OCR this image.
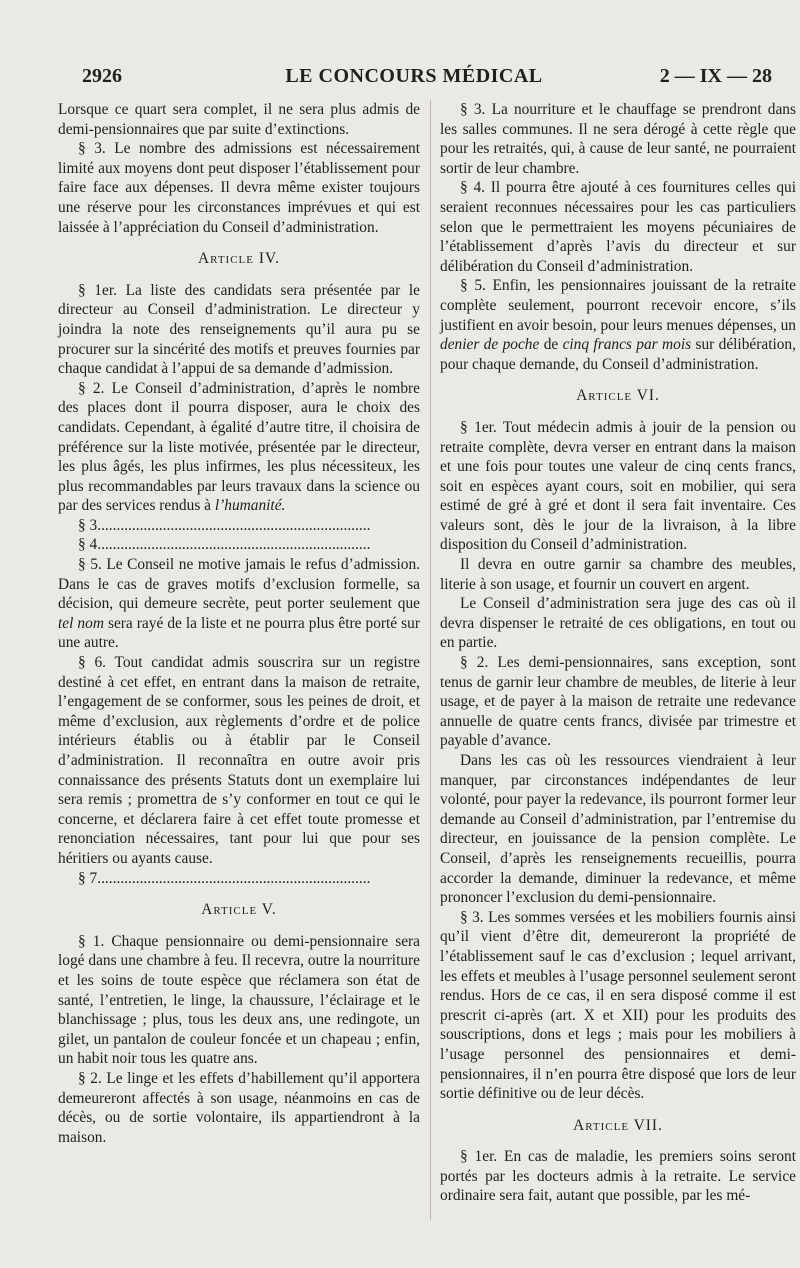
2926	LE CONCOURS MÉDICAL	2 — IX — 28

Lorsque ce quart sera complet, il ne sera plus admis de demi-pensionnaires que par suite d’extinctions.

§ 3. Le nombre des admissions est nécessairement limité aux moyens dont peut disposer l’établissement pour faire face aux dépenses. Il devra même exister toujours une réserve pour les circonstances imprévues et qui est laissée à l’appréciation du Conseil d’administration.

Article IV.

§ 1er. La liste des candidats sera présentée par le directeur au Conseil d’administration. Le directeur y joindra la note des renseignements qu’il aura pu se procurer sur la sincérité des motifs et preuves fournies par chaque candidat à l’appui de sa demande d’admission.

§ 2. Le Conseil d’administration, d’après le nombre des places dont il pourra disposer, aura le choix des candidats. Cependant, à égalité d’autre titre, il choisira de préférence sur la liste motivée, présentée par le directeur, les plus âgés, les plus infirmes, les plus nécessiteux, les plus recommandables par leurs travaux dans la science ou par des services rendus à l’humanité.

§ 3.......................................................................

§ 4.......................................................................

§ 5. Le Conseil ne motive jamais le refus d’admission. Dans le cas de graves motifs d’exclusion formelle, sa décision, qui demeure secrète, peut porter seulement que tel nom sera rayé de la liste et ne pourra plus être porté sur une autre.

§ 6. Tout candidat admis souscrira sur un registre destiné à cet effet, en entrant dans la maison de retraite, l’engagement de se conformer, sous les peines de droit, et même d’exclusion, aux règlements d’ordre et de police intérieurs établis ou à établir par le Conseil d’administration. Il reconnaîtra en outre avoir pris connaissance des présents Statuts dont un exemplaire lui sera remis ; promettra de s’y conformer en tout ce qui le concerne, et déclarera faire à cet effet toute promesse et renonciation nécessaires, tant pour lui que pour ses héritiers ou ayants cause.

§ 7.......................................................................

Article V.

§ 1. Chaque pensionnaire ou demi-pensionnaire sera logé dans une chambre à feu. Il recevra, outre la nourriture et les soins de toute espèce que réclamera son état de santé, l’entretien, le linge, la chaussure, l’éclairage et le blanchissage ; plus, tous les deux ans, une redingote, un gilet, un pantalon de couleur foncée et un chapeau ; enfin, un habit noir tous les quatre ans.

§ 2. Le linge et les effets d’habillement qu’il apportera demeureront affectés à son usage, néanmoins en cas de décès, ou de sortie volontaire, ils appartiendront à la maison.

§ 3. La nourriture et le chauffage se prendront dans les salles communes. Il ne sera dérogé à cette règle que pour les retraités, qui, à cause de leur santé, ne pourraient sortir de leur chambre.

§ 4. Il pourra être ajouté à ces fournitures celles qui seraient reconnues nécessaires pour les cas particuliers selon que le permettraient les moyens pécuniaires de l’établissement d’après l’avis du directeur et sur délibération du Conseil d’administration.

§ 5. Enfin, les pensionnaires jouissant de la retraite complète seulement, pourront recevoir encore, s’ils justifient en avoir besoin, pour leurs menues dépenses, un denier de poche de cinq francs par mois sur délibération, pour chaque demande, du Conseil d’administration.

Article VI.

§ 1er. Tout médecin admis à jouir de la pension ou retraite complète, devra verser en entrant dans la maison et une fois pour toutes une valeur de cinq cents francs, soit en espèces ayant cours, soit en mobilier, qui sera estimé de gré à gré et dont il sera fait inventaire. Ces valeurs sont, dès le jour de la livraison, à la libre disposition du Conseil d’administration.

Il devra en outre garnir sa chambre des meubles, literie à son usage, et fournir un couvert en argent.

Le Conseil d’administration sera juge des cas où il devra dispenser le retraité de ces obligations, en tout ou en partie.

§ 2. Les demi-pensionnaires, sans exception, sont tenus de garnir leur chambre de meubles, de literie à leur usage, et de payer à la maison de retraite une redevance annuelle de quatre cents francs, divisée par trimestre et payable d’avance.

Dans les cas où les ressources viendraient à leur manquer, par circonstances indépendantes de leur volonté, pour payer la redevance, ils pourront former leur demande au Conseil d’administration, par l’entremise du directeur, en jouissance de la pension complète. Le Conseil, d’après les renseignements recueillis, pourra accorder la demande, diminuer la redevance, et même prononcer l’exclusion du demi-pensionnaire.

§ 3. Les sommes versées et les mobiliers fournis ainsi qu’il vient d’être dit, demeureront la propriété de l’établissement sauf le cas d’exclusion ; lequel arrivant, les effets et meubles à l’usage personnel seulement seront rendus. Hors de ce cas, il en sera disposé comme il est prescrit ci-après (art. X et XII) pour les produits des souscriptions, dons et legs ; mais pour les mobiliers à l’usage personnel des pensionnaires et demi-pensionnaires, il n’en pourra être disposé que lors de leur sortie définitive ou de leur décès.

Article VII.

§ 1er. En cas de maladie, les premiers soins seront portés par les docteurs admis à la retraite. Le service ordinaire sera fait, autant que possible, par les mé-
